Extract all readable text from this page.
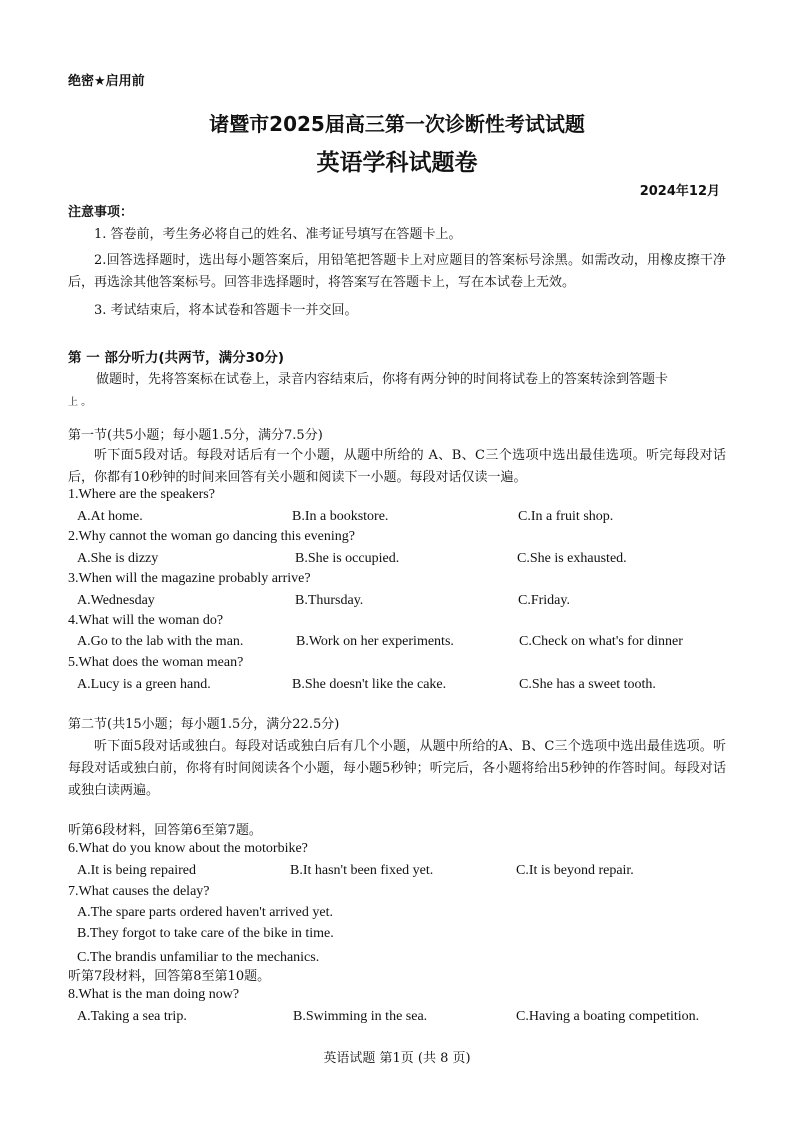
绝密★启用前
诸暨市2025届高三第一次诊断性考试试题
英语学科试题卷
2024年12月
注意事项：
1. 答卷前，考生务必将自己的姓名、准考证号填写在答题卡上。
2.回答选择题时，选出每小题答案后，用铅笔把答题卡上对应题目的答案标号涂黑。如需改动，用橡皮擦干净后，再选涂其他答案标号。回答非选择题时，将答案写在答题卡上，写在本试卷上无效。
3. 考试结束后，将本试卷和答题卡一并交回。
第 一 部分听力(共两节，满分30分)
做题时，先将答案标在试卷上，录音内容结束后，你将有两分钟的时间将试卷上的答案转涂到答题卡
上 。
第一节(共5小题；每小题1.5分，满分7.5分)
听下面5段对话。每段对话后有一个小题，从题中所给的 A、B、C三个选项中选出最佳选项。听完每段对话后，你都有10秒钟的时间来回答有关小题和阅读下一小题。每段对话仅读一遍。
1.Where are the speakers?
A.At home.	B.In a bookstore.	C.In a fruit shop.
2.Why cannot the woman go dancing this evening?
A.She is dizzy	B.She is occupied.	C.She is exhausted.
3.When will the magazine probably arrive?
A.Wednesday	B.Thursday.	C.Friday.
4.What will the woman do?
A.Go to the lab with the man.	B.Work on her experiments.	C.Check on what's for dinner
5.What does the woman mean?
A.Lucy is a green hand.	B.She doesn't like the cake.	C.She has a sweet tooth.
第二节(共15小题；每小题1.5分，满分22.5分)
听下面5段对话或独白。每段对话或独白后有几个小题，从题中所给的A、B、C三个选项中选出最佳选项。听每段对话或独白前，你将有时间阅读各个小题，每小题5秒钟；听完后，各小题将给出5秒钟的作答时间。每段对话或独白读两遍。
听第6段材料，回答第6至第7题。
6.What do you know about the motorbike?
A.It is being repaired	B.It hasn't been fixed yet.	C.It is beyond repair.
7.What causes the delay?
A.The spare parts ordered haven't arrived yet.
B.They forgot to take care of the bike in time.
C.The brandis unfamiliar to the mechanics.
听第7段材料，回答第8至第10题。
8.What is the man doing now?
A.Taking a sea trip.	B.Swimming in the sea.	C.Having a boating competition.
英语试题 第1页 (共 8 页)
